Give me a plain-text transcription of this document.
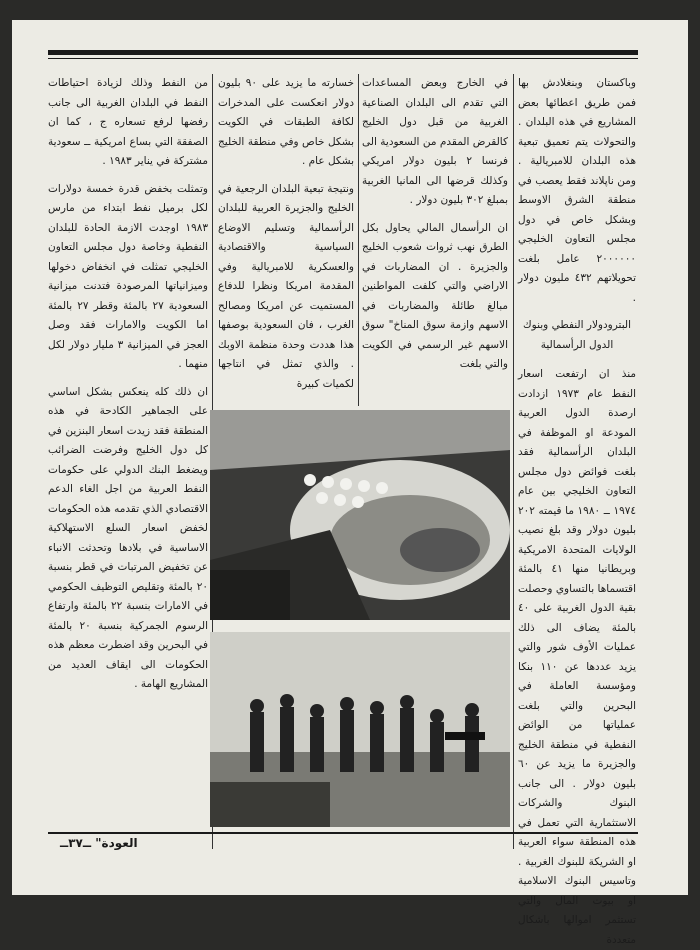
وباكستان وبنغلادش بها فمن طريق اعطائها بعض المشاريع في هذه البلدان . والتحولات يتم تعميق تبعية هذه البلدان للامبريالية . ومن ناپلاند فقط يعصب في منطقة الشرق الاوسط وبشكل خاص في دول مجلس التعاون الخليجي ٢٠٠٠٠٠٠ عامل بلغت تحويلاتهم ٤٣٢ مليون دولار .

البترودولار النفطي وبنوك الدول الرأسمالية

منذ ان ارتفعت اسعار النفط عام ١٩٧٣ ازدادت ارصدة الدول العربية المودعة او الموظفة في البلدان الرأسمالية فقد بلغت فوائض دول مجلس التعاون الخليجي بين عام ١٩٧٤ ــ ١٩٨٠ ما قيمته ٢٠٢ بليون دولار وقد بلغ نصيب الولايات المتحدة الامريكية وبريطانيا منها ٤١ بالمئة اقتسماها بالتساوي وحصلت بقية الدول الغربية على ٤٠ بالمئة يضاف الى ذلك عمليات الأوف شور والتي يزيد عددها عن ١١٠ بنكا ومؤسسة العاملة في البحرين والتي بلغت عملياتها من الوائض النفطية في منطقة الخليج والجزيرة ما يزيد عن ٦٠ بليون دولار . الى جانب البنوك والشركات الاستثمارية التي تعمل في هذه المنطقة سواء العربية او الشريكة للبنوك الغربية . وتاسيس البنوك الاسلامية او بيوت المال والتي تستثمر اموالها باشكال متعددة

في الخارج وبعض المساعدات التي تقدم الى البلدان الصناعية الغربية من قبل دول الخليج كالقرض المقدم من السعودية الى فرنسا ٢ بليون دولار امريكي وكذلك قرضها الى المانيا الغربية بمبلغ ٣٠٢ بليون دولار .

ان الرأسمال المالي يحاول بكل الطرق نهب ثروات شعوب الخليج والجزيرة . ان المضاربات في الاراضي والتي كلفت المواطنين مبالغ طائلة والمضاربات في الاسهم وازمة سوق المناخ" سوق الاسهم غير الرسمي في الكويت والتي بلغت

خسارته ما يزيد على ٩٠ بليون دولار انعكست على المدخرات لكافة الطبقات في الكويت بشكل خاص وفي منطقة الخليج بشكل عام .

ونتيجة تبعية البلدان الرجعية في الخليج والجزيرة العربية للبلدان الرأسمالية وتسليم الاوضاع السياسية والاقتصادية والعسكرية للامبريالية وفي المقدمة امريكا ونظرا للدفاع المستميت عن امريكا ومصالح الغرب ، فان السعودية بوصفها هذا هددت وحدة منظمة الاوبك . والذي تمثل في انتاجها لكميات كبيرة

من النفط وذلك لزيادة احتياطات النفط في البلدان الغربية الى جانب رفضها لرفع تسعاره ج ، كما ان الصفقة التي بساع امريكية ــ سعودية مشتركة في يناير ١٩٨٣ .

وتمثلت بخفض قدرة خمسة دولارات لكل برميل نفط ابتداء من مارس ١٩٨٣ اوجدت الازمة الحادة للبلدان النفطية وخاصة دول مجلس التعاون الخليجي تمثلت في انخفاض دخولها وميزانياتها المرصودة فتدنت ميزانية السعودية ٢٧ بالمئة وقطر ٢٧ بالمئة اما الكويت والامارات فقد وصل العجز في الميزانية ٣ مليار دولار لكل منهما .

ان ذلك كله ينعكس بشكل اساسي على الجماهير الكادحة في هذه المنطقة فقد زيدت اسعار البنزين في كل دول الخليج وفرضت الضرائب ويضغط البنك الدولي على حكومات النفط العربية من اجل الغاء الدعم الاقتصادي الذي تقدمه هذه الحكومات لخفض اسعار السلع الاستهلاكية الاساسية في بلادها وتحدثت الانباء عن تخفيض المرتبات في قطر بنسبة ٢٠ بالمئة وتقليص التوظيف الحكومي في الامارات بنسبة ٢٢ بالمئة وارتفاع الرسوم الجمركية بنسبة ٢٠ بالمئة في البحرين وقد اضطرت معظم هذه الحكومات الى ايقاف العديد من المشاريع الهامة .

العودة" ــ٣٧ــ
